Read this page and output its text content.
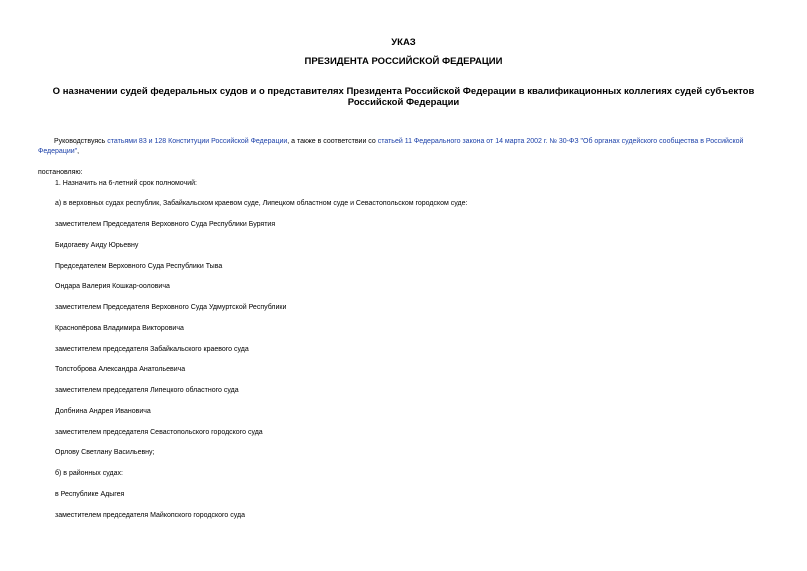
УКАЗ
ПРЕЗИДЕНТА РОССИЙСКОЙ ФЕДЕРАЦИИ
О назначении судей федеральных судов и о представителях Президента Российской Федерации в квалификационных коллегиях судей субъектов Российской Федерации
Руководствуясь статьями 83 и 128 Конституции Российской Федерации, а также в соответствии со статьей 11 Федерального закона от 14 марта 2002 г. № 30-ФЗ "Об органах судейского сообщества в Российской Федерации",
постановляю:
1. Назначить на 6-летний срок полномочий:
а) в верховных судах республик, Забайкальском краевом суде, Липецком областном суде и Севастопольском городском суде:
заместителем Председателя Верховного Суда Республики Бурятия
Бидогаеву Аиду Юрьевну
Председателем Верховного Суда Республики Тыва
Ондара Валерия Кошкар-ооловича
заместителем Председателя Верховного Суда Удмуртской Республики
Краснопёрова Владимира Викторовича
заместителем председателя Забайкальского краевого суда
Толстоброва Александра Анатольевича
заместителем председателя Липецкого областного суда
Долбнина Андрея Ивановича
заместителем председателя Севастопольского городского суда
Орлову Светлану Васильевну;
б) в районных судах:
в Республике Адыгея
заместителем председателя Майкопского городского суда
